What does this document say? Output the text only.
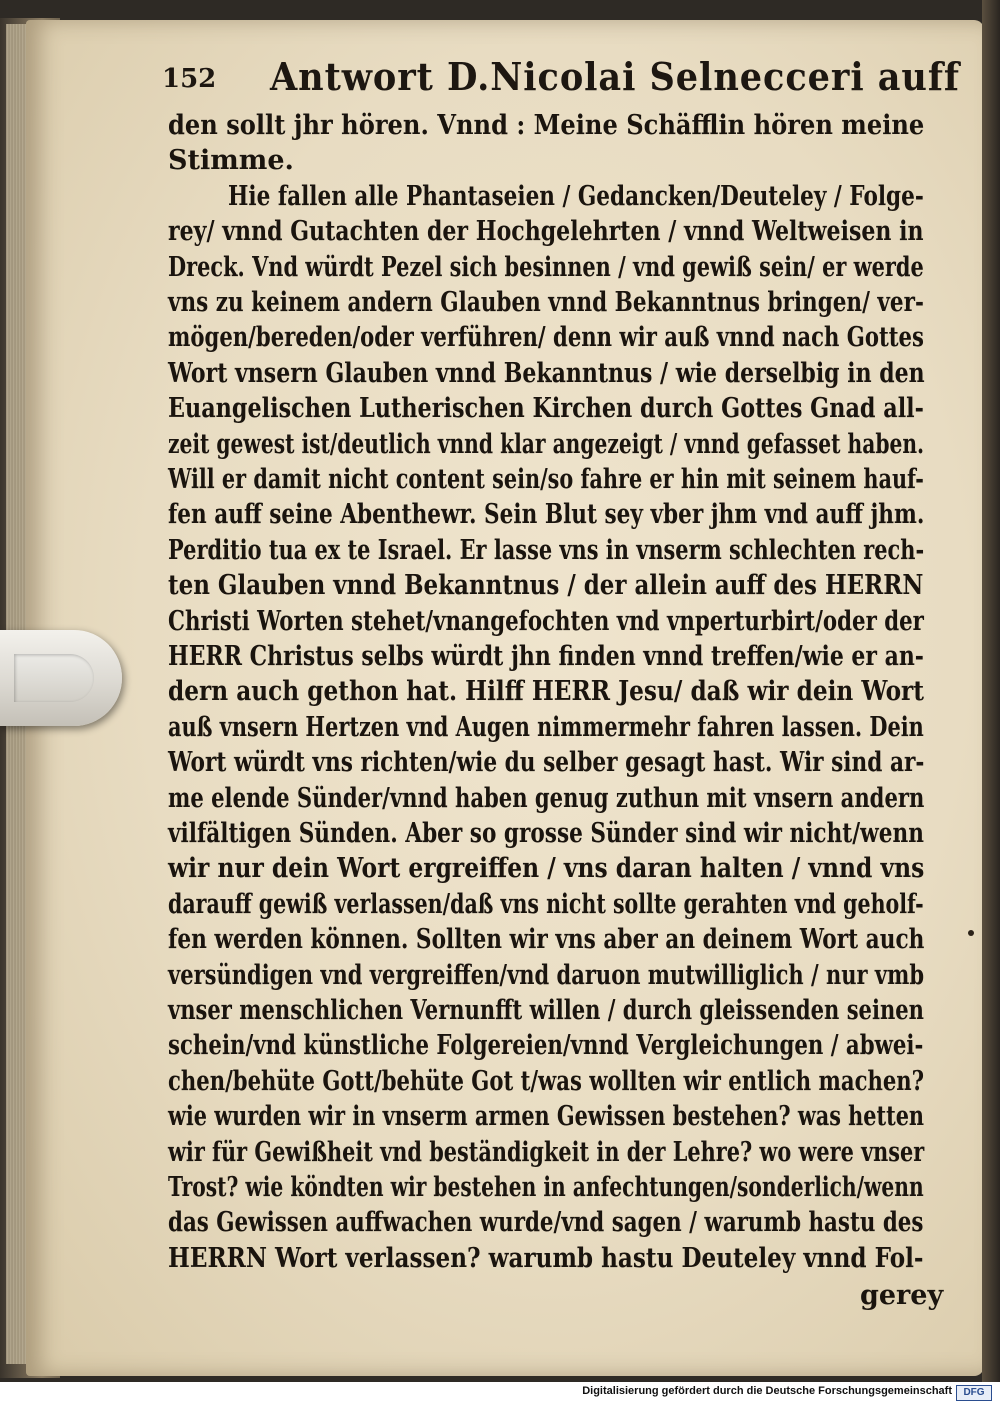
152 Antwort D.Nicolai Selnecceri auff
den sollt jhr hören. Vnnd : Meine Schäfflin hören meine
Stimme.
Hie fallen alle Phantaseien / Gedancken/Deuteley / Folge-
rey/ vnnd Gutachten der Hochgelehrten / vnnd Weltweisen in
Dreck. Vnd würdt Pezel sich besinnen / vnd gewiß sein/ er werde
vns zu keinem andern Glauben vnnd Bekanntnus bringen/ ver-
mögen/bereden/oder verführen/ denn wir auß vnnd nach Gottes
Wort vnsern Glauben vnnd Bekanntnus / wie derselbig in den
Euangelischen Lutherischen Kirchen durch Gottes Gnad all-
zeit gewest ist/deutlich vnnd klar angezeigt / vnnd gefasset haben.
Will er damit nicht content sein/so fahre er hin mit seinem hauf-
fen auff seine Abenthewr. Sein Blut sey vber jhm vnd auff jhm.
Perditio tua ex te Israel. Er lasse vns in vnserm schlechten rech-
ten Glauben vnnd Bekanntnus / der allein auff des HERRN
Christi Worten stehet/vnangefochten vnd vnperturbirt/oder der
HERR Christus selbs würdt jhn finden vnnd treffen/wie er an-
dern auch gethon hat. Hilff HERR Jesu/ daß wir dein Wort
auß vnsern Hertzen vnd Augen nimmermehr fahren lassen. Dein
Wort würdt vns richten/wie du selber gesagt hast. Wir sind ar-
me elende Sünder/vnnd haben genug zuthun mit vnsern andern
vilfältigen Sünden. Aber so grosse Sünder sind wir nicht/wenn
wir nur dein Wort ergreiffen / vns daran halten / vnnd vns
darauff gewiß verlassen/daß vns nicht sollte gerahten vnd geholf-
fen werden können. Sollten wir vns aber an deinem Wort auch
versündigen vnd vergreiffen/vnd daruon mutwilliglich / nur vmb
vnser menschlichen Vernunfft willen / durch gleissenden seinen
schein/vnd künstliche Folgereien/vnnd Vergleichungen / abwei-
chen/behüte Gott/behüte Got t/was wollten wir entlich machen?
wie wurden wir in vnserm armen Gewissen bestehen? was hetten
wir für Gewißheit vnd beständigkeit in der Lehre? wo were vnser
Trost? wie köndten wir bestehen in anfechtungen/sonderlich/wenn
das Gewissen auffwachen wurde/vnd sagen / warumb hastu des
HERRN Wort verlassen? warumb hastu Deuteley vnnd Fol-
gerey
Digitalisierung gefördert durch die Deutsche Forschungsgemeinschaft	DFG
